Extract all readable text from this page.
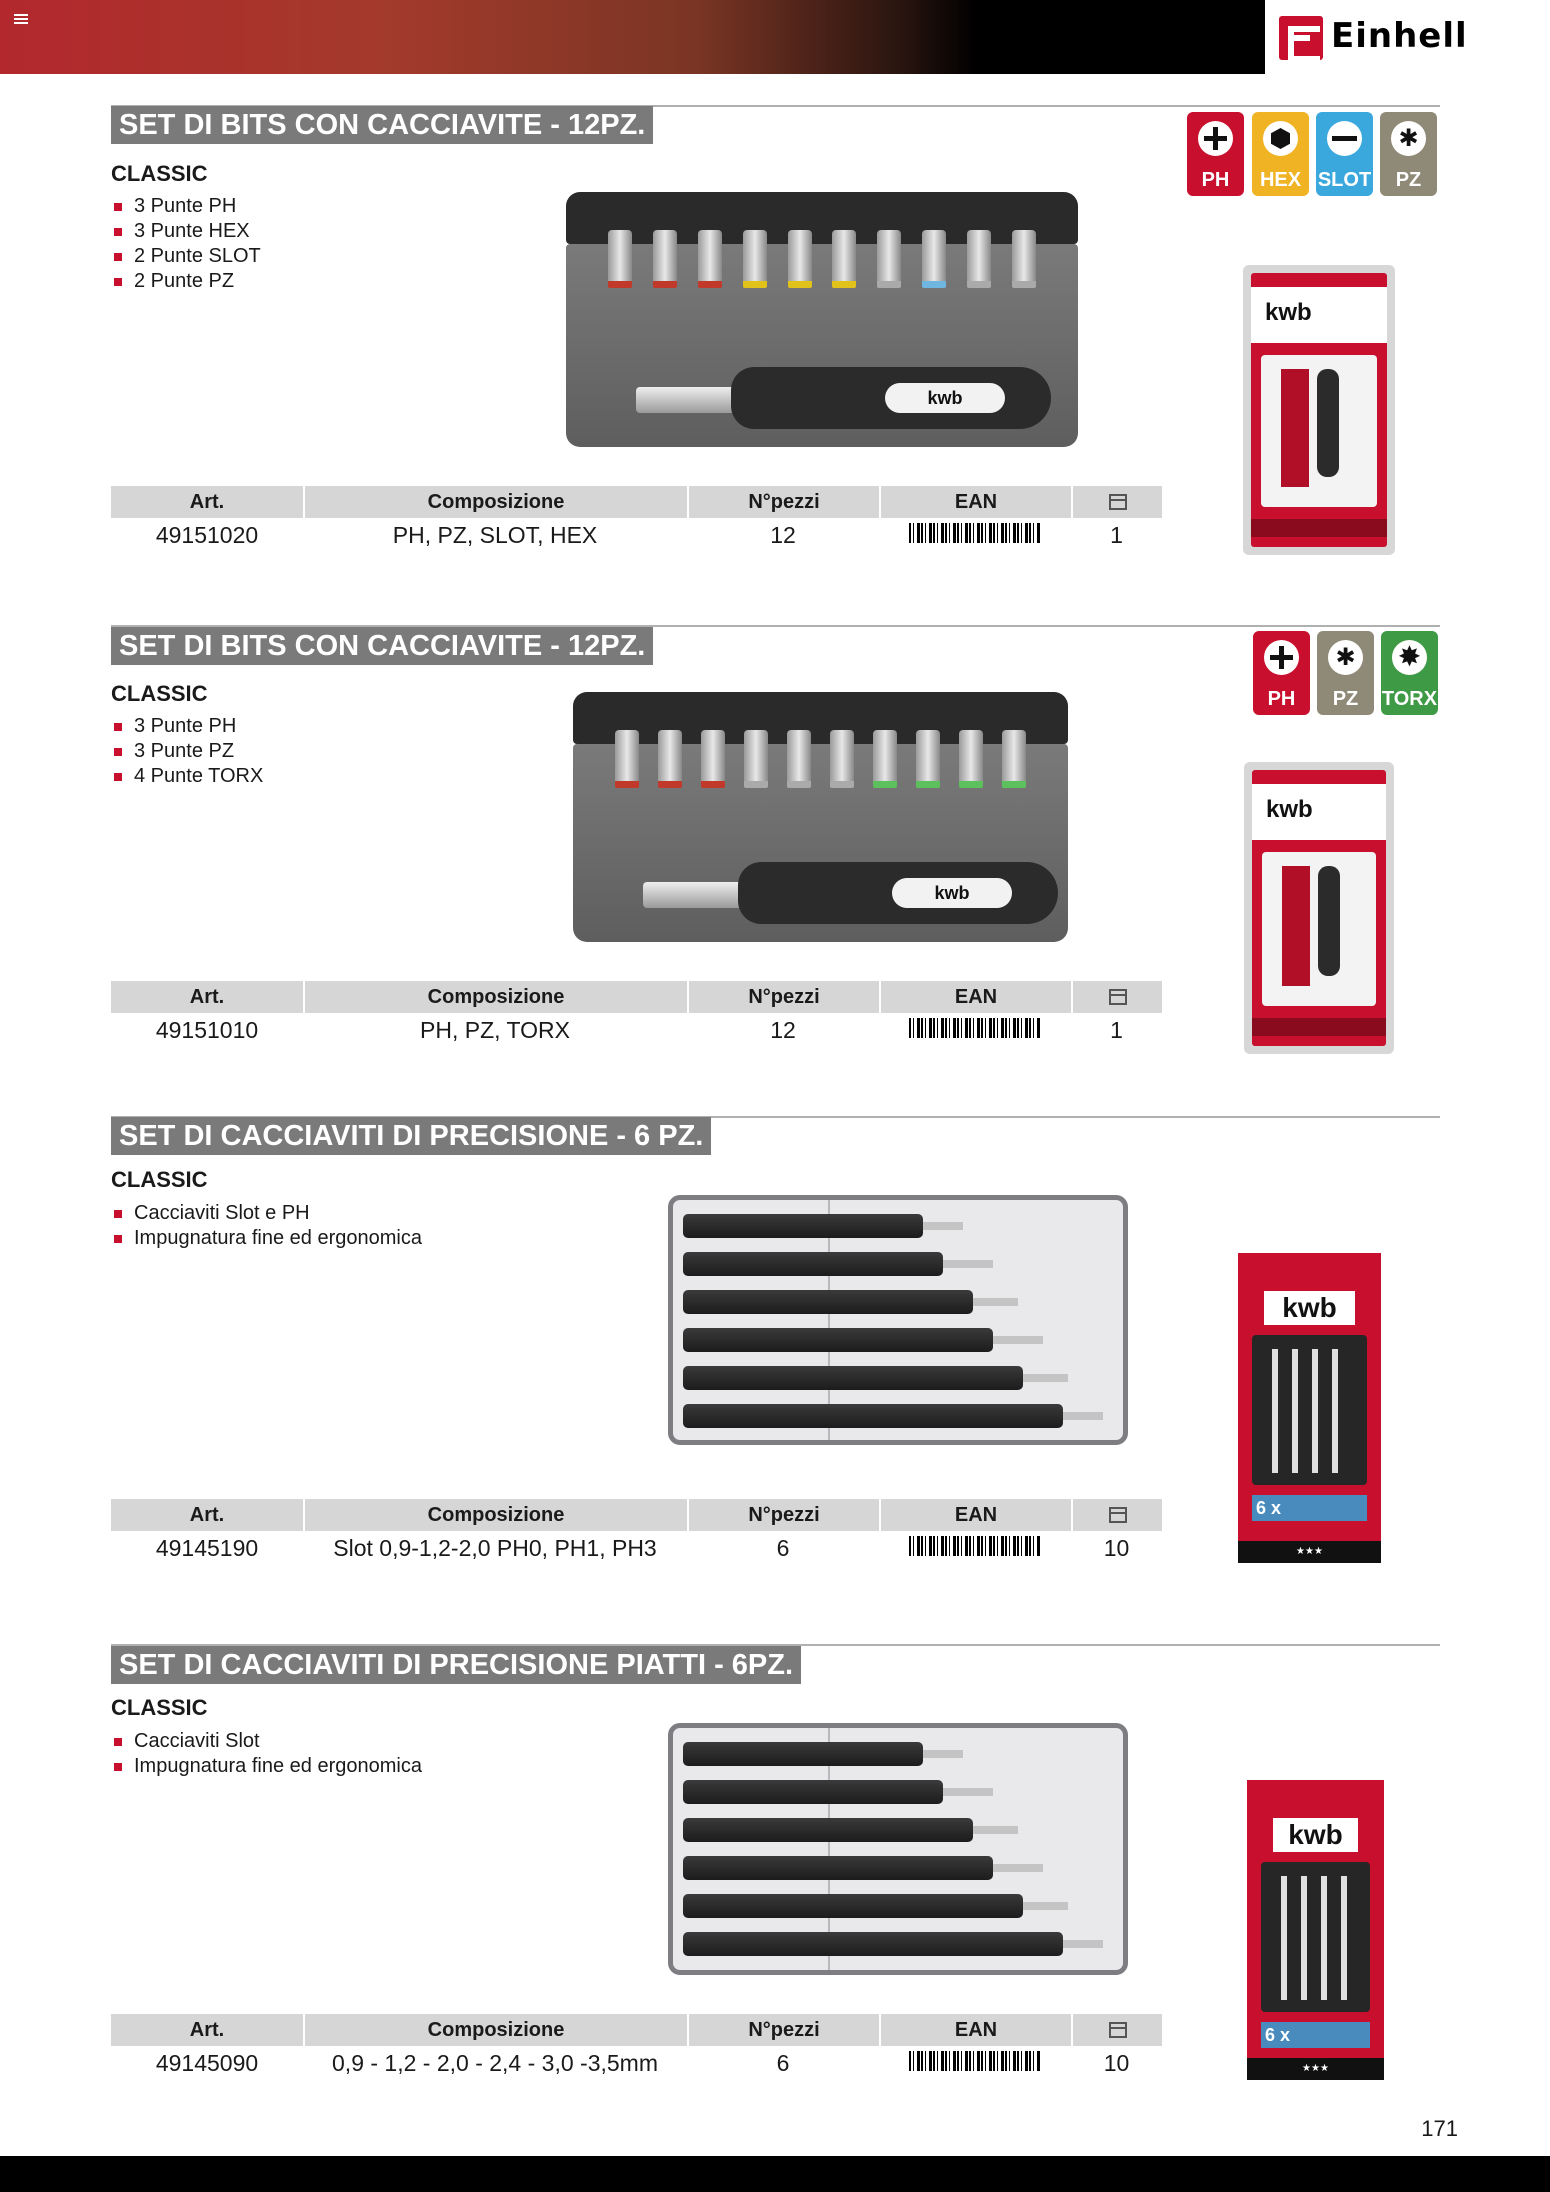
Einhell
SET DI BITS CON CACCIAVITE - 12PZ.
CLASSIC
3 Punte PH
3 Punte HEX
2 Punte SLOT
2 Punte PZ
PH	HEX SLOT
✱	PZ
kwb
kwb
Art.	Composizione	N°pezzi	EAN	
49151020	PH, PZ, SLOT, HEX	12		1
SET DI BITS CON CACCIAVITE - 12PZ.
CLASSIC
3 Punte PH
3 Punte PZ
4 Punte TORX
PH
✱	PZ
✸	TORX
kwb
kwb
Art.	Composizione	N°pezzi	EAN	
49151010	PH, PZ, TORX	12		1
SET DI CACCIAVITI DI PRECISIONE - 6 PZ.
CLASSIC
Cacciaviti Slot e PH
Impugnatura fine ed ergonomica
kwb
6 x
★★★
Art.	Composizione	N°pezzi	EAN	
49145190	Slot 0,9-1,2-2,0 PH0, PH1, PH3	6		10
SET DI CACCIAVITI DI PRECISIONE PIATTI - 6PZ.
CLASSIC
Cacciaviti Slot
Impugnatura fine ed ergonomica
kwb
6 x
★★★
Art.	Composizione	N°pezzi	EAN	
49145090	0,9 - 1,2 - 2,0 - 2,4 - 3,0 -3,5mm	6		10
171
